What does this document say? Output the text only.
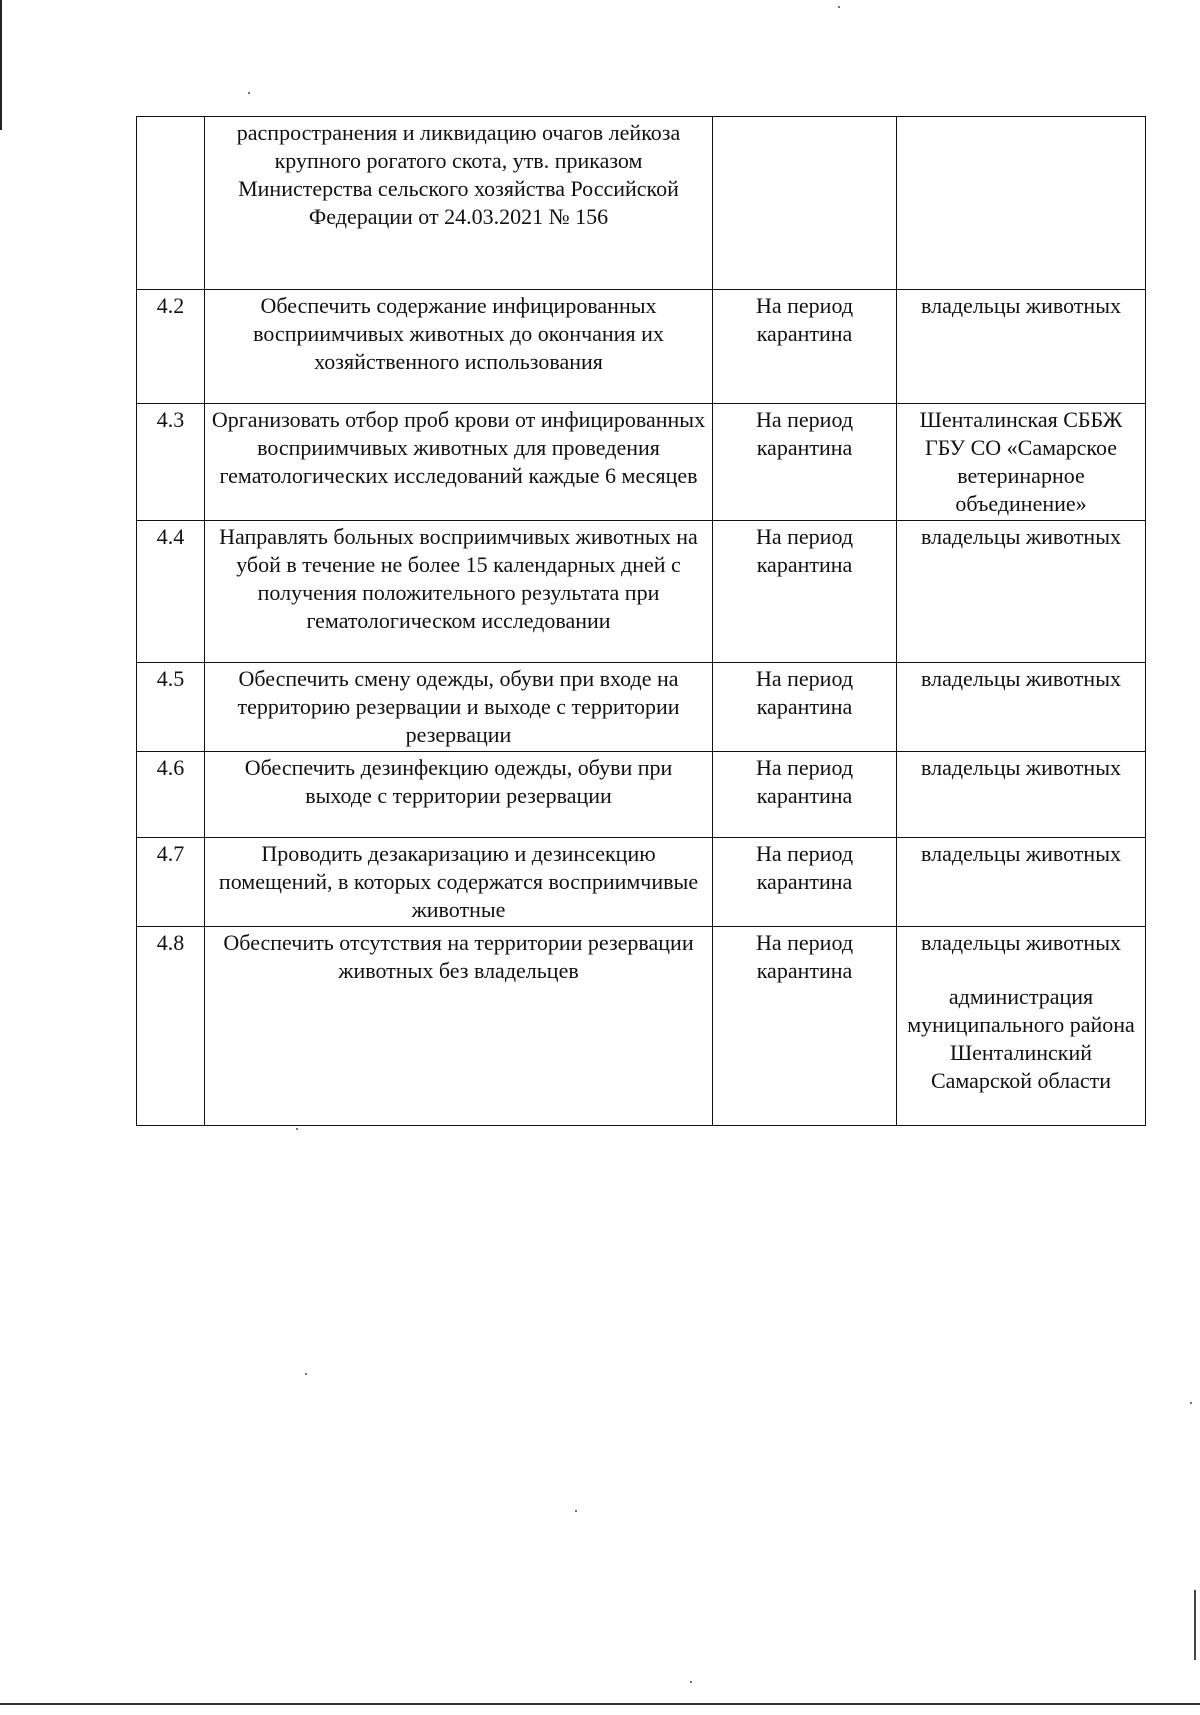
	распространения и ликвидацию очагов лейкоза крупного рогатого скота, утв. приказом Министерства сельского хозяйства Российской Федерации от 24.03.2021 № 156		
4.2	Обеспечить содержание инфицированных восприимчивых животных до окончания их хозяйственного использования	На период карантина	владельцы животных
4.3	Организовать отбор проб крови от инфицированных восприимчивых животных для проведения гематологических исследований каждые 6 месяцев	На период карантина	Шенталинская СББЖ ГБУ СО «Самарское ветеринарное объединение»
4.4	Направлять больных восприимчивых животных на убой в течение не более 15 календарных дней с получения положительного результата при гематологическом исследовании	На период карантина	владельцы животных
4.5	Обеспечить смену одежды, обуви при входе на территорию резервации и выходе с территории резервации	На период карантина	владельцы животных
4.6	Обеспечить дезинфекцию одежды, обуви при выходе с территории резервации	На период карантина	владельцы животных
4.7	Проводить дезакаризацию и дезинсекцию помещений, в которых содержатся восприимчивые животные	На период карантина	владельцы животных
4.8	Обеспечить отсутствия на территории резервации животных без владельцев	На период карантина	владельцы животных
администрация муниципального района Шенталинский Самарской области
